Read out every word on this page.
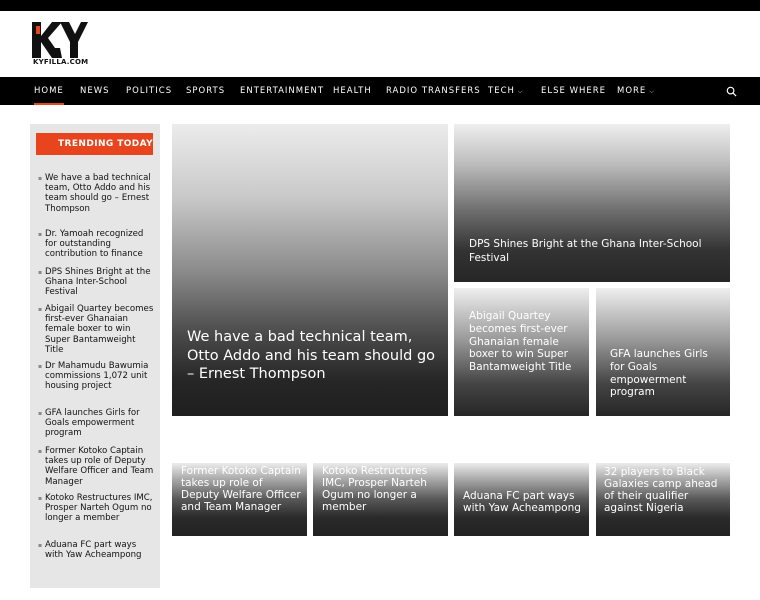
KYFILLA.COM
HOME NEWS POLITICS SPORTS ENTERTAINMENT HEALTH RADIO TRANSFERS TECH ⌵ ELSE WHERE MORE ⌵
TRENDING TODAY
▪ We have a bad technical team, Otto Addo and his team should go – Ernest Thompson
▪ Dr. Yamoah recognized for outstanding contribution to finance
▪ DPS Shines Bright at the Ghana Inter-School Festival
▪ Abigail Quartey becomes first-ever Ghanaian female boxer to win Super Bantamweight Title
▪ Dr Mahamudu Bawumia commissions 1,072 unit housing project
▪ GFA launches Girls for Goals empowerment program
▪ Former Kotoko Captain takes up role of Deputy Welfare Officer and Team Manager
▪ Kotoko Restructures IMC, Prosper Narteh Ogum no longer a member
▪ Aduana FC part ways with Yaw Acheampong
We have a bad technical team, Otto Addo and his team should go – Ernest Thompson
DPS Shines Bright at the Ghana Inter-School Festival
Abigail Quartey becomes first-ever Ghanaian female boxer to win Super Bantamweight Title
GFA launches Girls for Goals empowerment program
Former Kotoko Captain takes up role of Deputy Welfare Officer and Team Manager
Kotoko Restructures IMC, Prosper Narteh Ogum no longer a member
Aduana FC part ways with Yaw Acheampong
Didi Dramani invites 32 players to Black Galaxies camp ahead of their qualifier against Nigeria
